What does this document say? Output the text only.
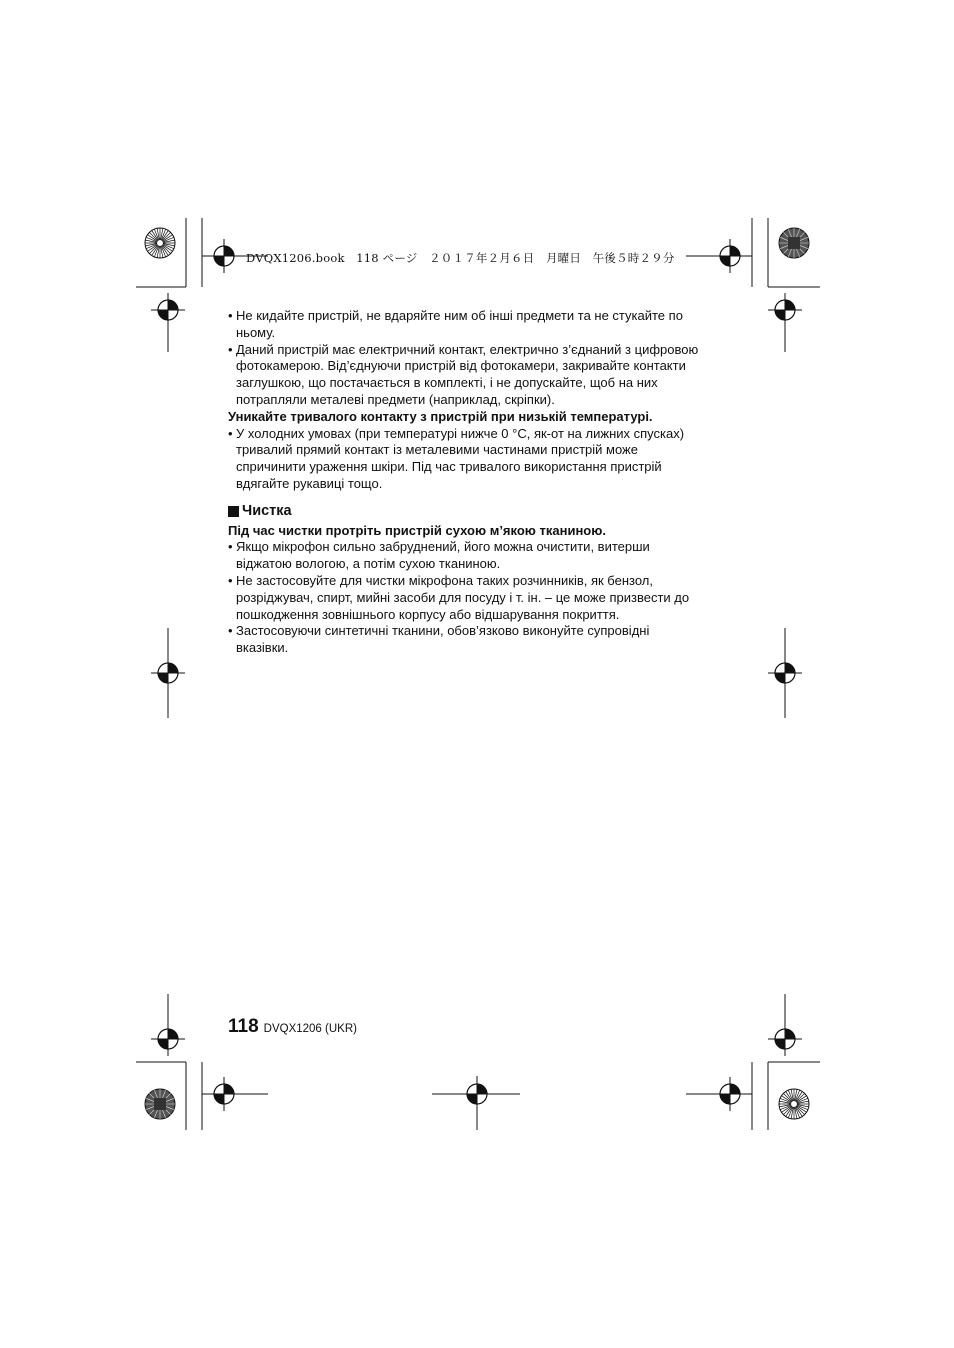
DVQX1206.book 118 ページ ２０１７年２月６日 月曜日 午後５時２９分

• Не кидайте пристрій, не вдаряйте ним об інші предмети та не стукайте по ньому.

• Даний пристрій має електричний контакт, електрично з’єднаний з цифровою фотокамерою. Від’єднуючи пристрій від фотокамери, закривайте контакти заглушкою, що постачається в комплекті, і не допускайте, щоб на них потрапляли металеві предмети (наприклад, скріпки).

Уникайте тривалого контакту з пристрій при низькій температурі.

• У холодних умовах (при температурі нижче 0 °C, як-от на лижних спусках) тривалий прямий контакт із металевими частинами пристрій може спричинити ураження шкіри. Під час тривалого використання пристрій вдягайте рукавиці тощо.

Чистка

Під час чистки протріть пристрій сухою м’якою тканиною.

• Якщо мікрофон сильно забруднений, його можна очистити, витерши віджатою вологою, а потім сухою тканиною.

• Не застосовуйте для чистки мікрофона таких розчинників, як бензол, розріджувач, спирт, мийні засоби для посуду і т. ін. – це може призвести до пошкодження зовнішнього корпусу або відшарування покриття.

• Застосовуючи синтетичні тканини, обов’язково виконуйте супровідні вказівки.

118 DVQX1206 (UKR)
